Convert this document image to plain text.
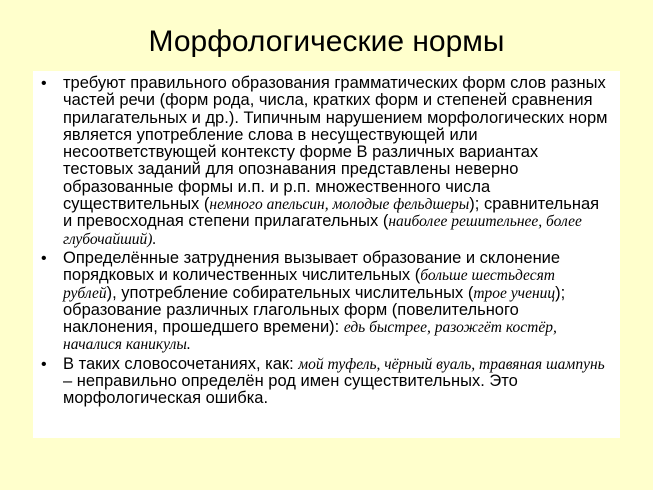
Морфологические нормы
• требуют правильного образования грамматических форм слов разных частей речи (форм рода, числа, кратких форм и степеней сравнения прилагательных и др.). Типичным нарушением морфологических норм является употребление слова в несуществующей или несоответствующей контексту форме В различных вариантах тестовых заданий для опознавания представлены неверно образованные формы и.п. и р.п. множественного числа существительных (немного апельсин, молодые фельдшеры); сравнительная и превосходная степени прилагательных (наиболее решительнее, более глубочайший).
• Определённые затруднения вызывает образование и склонение порядковых и количественных числительных (больше шестьдесят рублей), употребление собирательных числительных (трое учениц); образование различных глагольных форм (повелительного наклонения, прошедшего времени): едь быстрее, разожгёт костёр, началися каникулы.
• В таких словосочетаниях, как: мой туфель, чёрный вуаль, травяная шампунь – неправильно определён род имен существительных. Это морфологическая ошибка.
